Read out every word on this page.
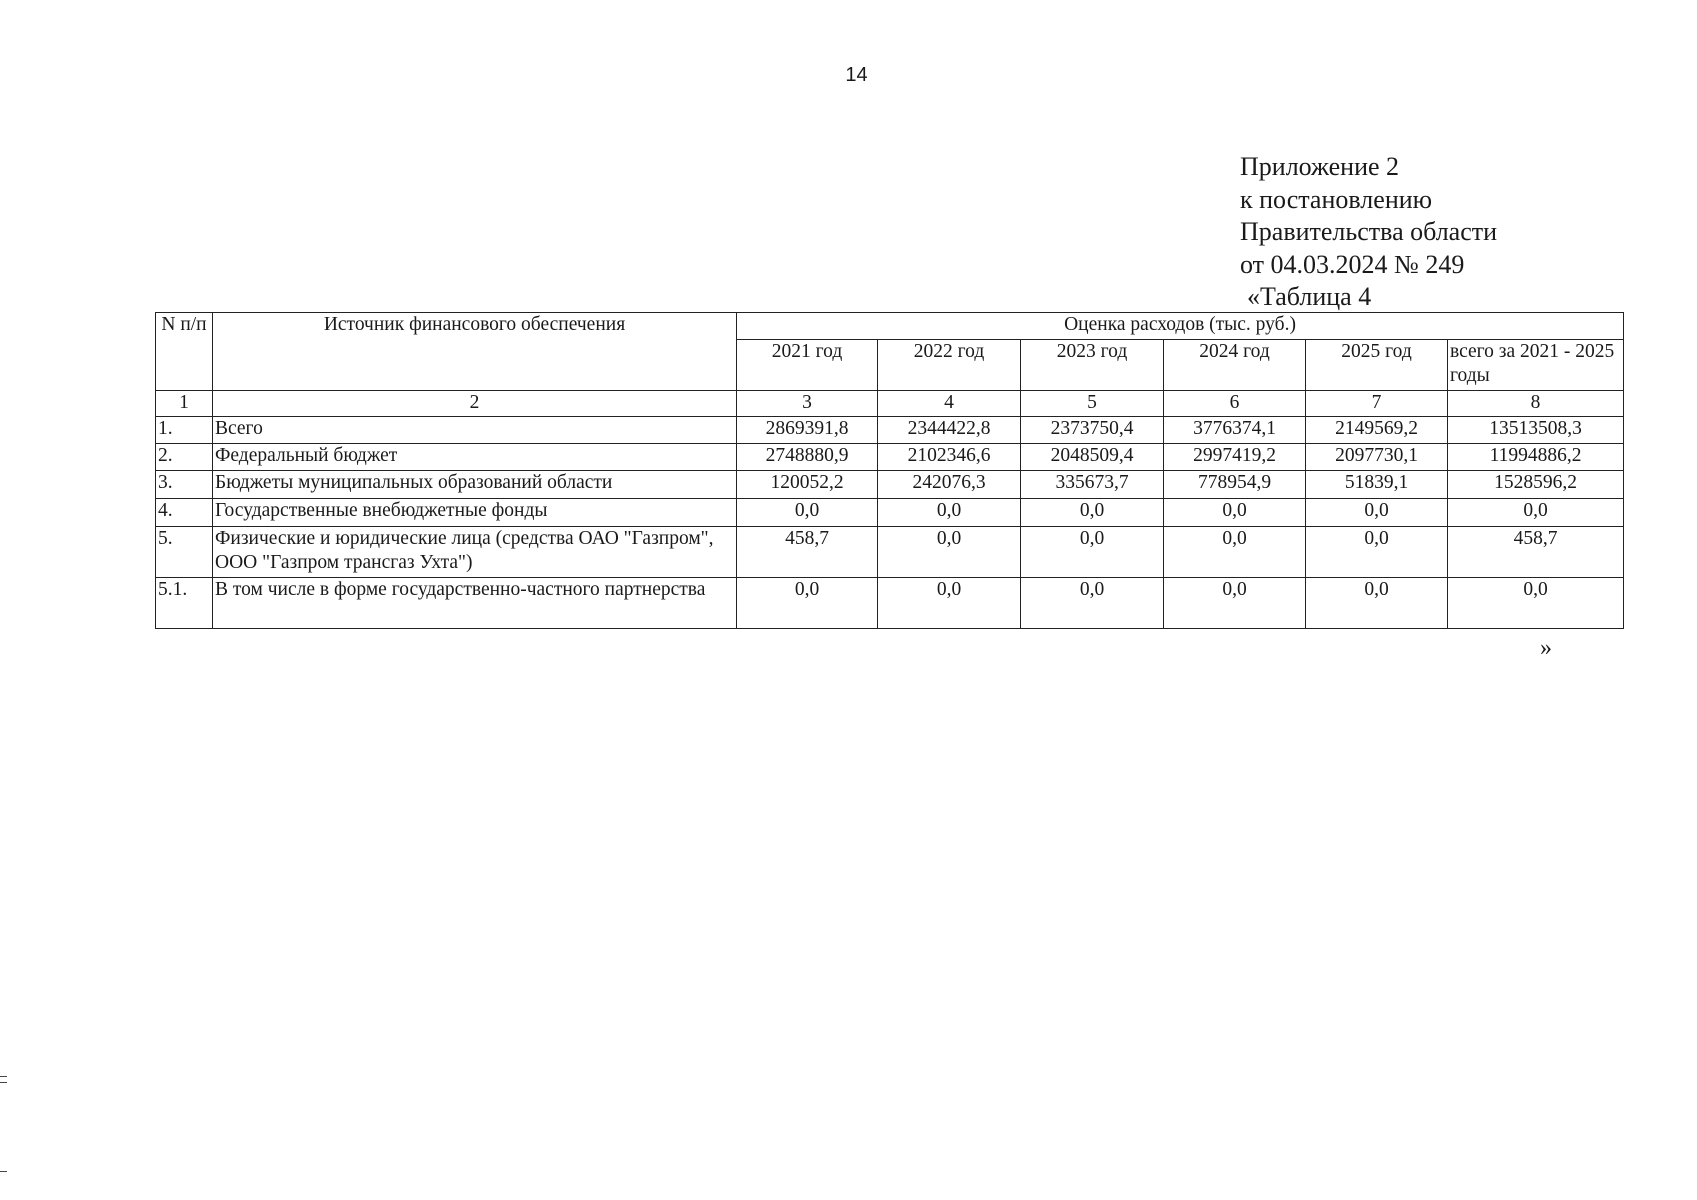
14
Приложение 2
к постановлению
Правительства области
от 04.03.2024 № 249
«Таблица 4
N п/п	Источник финансового обеспечения	Оценка расходов (тыс. руб.)					
		2021 год	2022 год	2023 год	2024 год	2025 год	всего за 2021 - 2025 годы
1	2	3	4	5	6	7	8
1.	Всего	2869391,8	2344422,8	2373750,4	3776374,1	2149569,2	13513508,3
2.	Федеральный бюджет	2748880,9	2102346,6	2048509,4	2997419,2	2097730,1	11994886,2
3.	Бюджеты муниципальных образований области	120052,2	242076,3	335673,7	778954,9	51839,1	1528596,2
4.	Государственные внебюджетные фонды	0,0	0,0	0,0	0,0	0,0	0,0
5.	Физические и юридические лица (средства ОАО "Газпром", ООО "Газпром трансгаз Ухта")	458,7	0,0	0,0	0,0	0,0	458,7
5.1.	В том числе в форме государственно-частного партнерства	0,0	0,0	0,0	0,0	0,0	0,0
»
